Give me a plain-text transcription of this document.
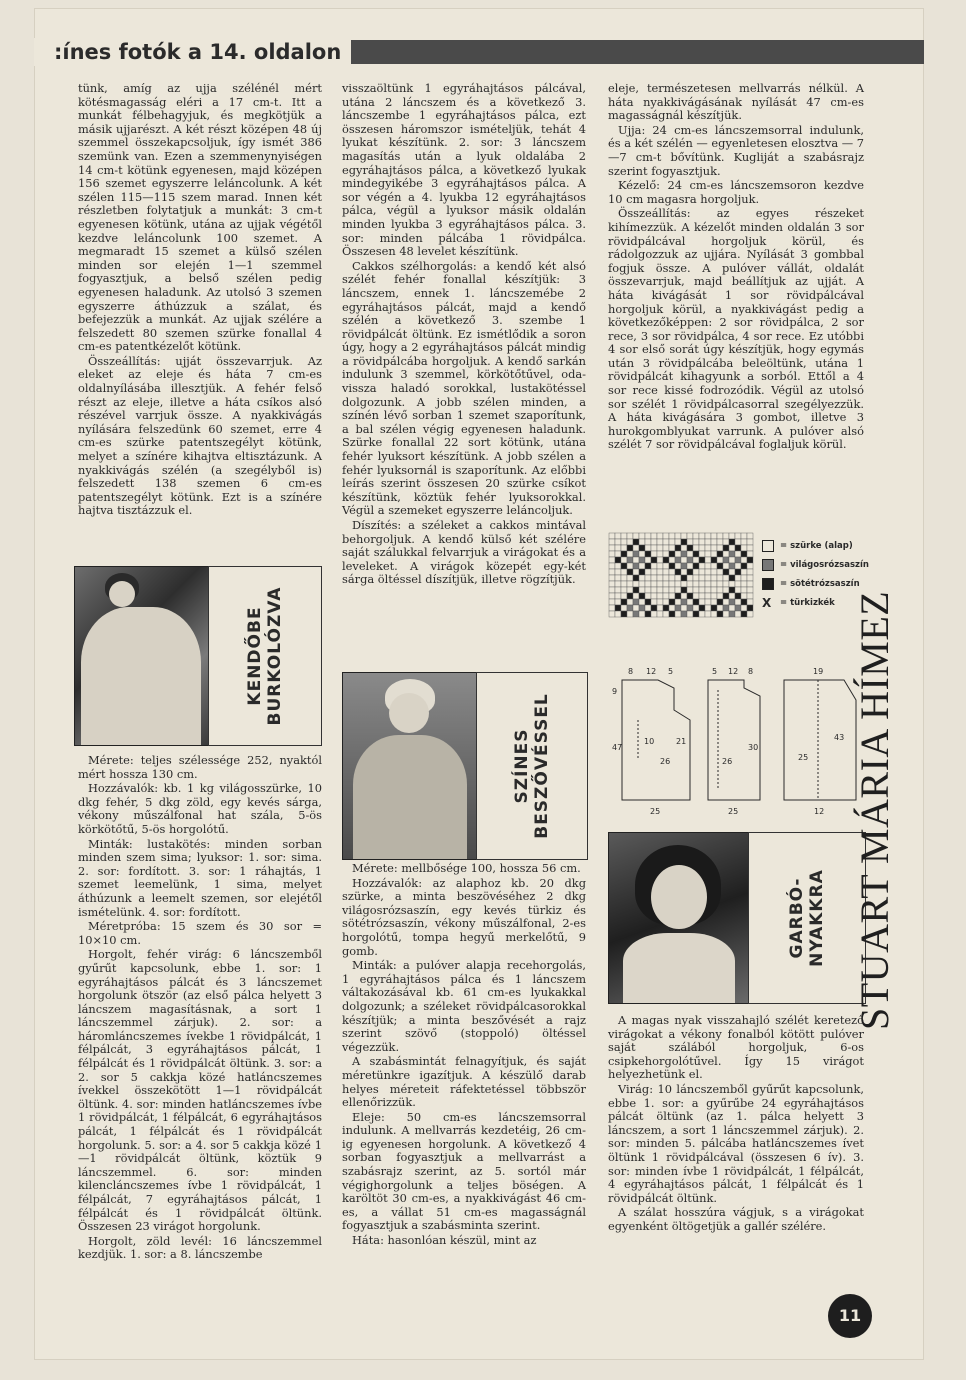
:ínes fotók a 14. oldalon

tünk, amíg az ujja szélénél mért kötésmagasság eléri a 17 cm-t. Itt a munkát félbehagyjuk, és megkötjük a másik ujjarészt. A két részt középen 48 új szemmel összekapcsoljuk, így ismét 386 szemünk van. Ezen a szemmenynyiségen 14 cm-t kötünk egyenesen, majd középen 156 szemet egyszerre leláncolunk. A két szélen 115—115 szem marad. Innen két részletben folytatjuk a munkát: 3 cm-t egyenesen kötünk, utána az ujjak végétől kezdve leláncolunk 100 szemet. A megmaradt 15 szemet a külső szélen minden sor elején 1—1 szemmel fogyasztjuk, a belső szélen pedig egyenesen haladunk. Az utolsó 3 szemen egyszerre áthúzzuk a szálat, és befejezzük a munkát. Az ujjak szélére a felszedett 80 szemen szürke fonallal 4 cm-es patentkézelőt kötünk.

Összeállítás: ujját összevarrjuk. Az eleket az eleje és háta 7 cm-es oldalnyílásába illesztjük. A fehér felső részt az eleje, illetve a háta csíkos alsó részével varrjuk össze. A nyakkivágás nyílására felszedünk 60 szemet, erre 4 cm-es szürke patentszegélyt kötünk, melyet a színére kihajtva eltisztázunk. A nyakkivágás szélén (a szegélyből is) felszedett 138 szemen 6 cm-es patentszegélyt kötünk. Ezt is a színére hajtva tisztázzuk el.

KENDŐBE
BURKOLÓZVA

Mérete: teljes szélessége 252, nyaktól mért hossza 130 cm.

Hozzávalók: kb. 1 kg világosszürke, 10 dkg fehér, 5 dkg zöld, egy kevés sárga, vékony műszálfonal hat szála, 5-ös körkötőtű, 5-ös horgolótű.

Minták: lustakötés: minden sorban minden szem sima; lyuksor: 1. sor: sima. 2. sor: fordított. 3. sor: 1 ráhajtás, 1 szemet leemelünk, 1 sima, melyet áthúzunk a leemelt szemen, sor elejétől ismételünk. 4. sor: fordított.

Méretpróba: 15 szem és 30 sor = 10×10 cm.

Horgolt, fehér virág: 6 láncszemből gyűrűt kapcsolunk, ebbe 1. sor: 1 egyráhajtásos pálcát és 3 láncszemet horgolunk ötször (az első pálca helyett 3 láncszem magasításnak, a sort 1 láncszemmel zárjuk). 2. sor: a háromláncszemes ívekbe 1 rövidpálcát, 1 félpálcát, 3 egyráhajtásos pálcát, 1 félpálcát és 1 rövidpálcát öltünk. 3. sor: a 2. sor 5 cakkja közé hatláncszemes ívekkel összekötött 1—1 rövidpálcát öltünk. 4. sor: minden hatláncszemes ívbe 1 rövidpálcát, 1 félpálcát, 6 egyráhajtásos pálcát, 1 félpálcát és 1 rövidpálcát horgolunk. 5. sor: a 4. sor 5 cakkja közé 1—1 rövidpálcát öltünk, köztük 9 láncszemmel. 6. sor: minden kilencláncszemes ívbe 1 rövidpálcát, 1 félpálcát, 7 egyráhajtásos pálcát, 1 félpálcát és 1 rövidpálcát öltünk. Összesen 23 virágot horgolunk.

Horgolt, zöld levél: 16 láncszemmel kezdjük. 1. sor: a 8. láncszembe

visszaöltünk 1 egyráhajtásos pálcával, utána 2 láncszem és a következő 3. láncszembe 1 egyráhajtásos pálca, ezt összesen háromszor ismételjük, tehát 4 lyukat készítünk. 2. sor: 3 láncszem magasítás után a lyuk oldalába 2 egyráhajtásos pálca, a következő lyukak mindegyikébe 3 egyráhajtásos pálca. A sor végén a 4. lyukba 12 egyráhajtásos pálca, végül a lyuksor másik oldalán minden lyukba 3 egyráhajtásos pálca. 3. sor: minden pálcába 1 rövidpálca. Összesen 48 levelet készítünk.

Cakkos szélhorgolás: a kendő két alsó szélét fehér fonallal készítjük: 3 láncszem, ennek 1. láncszemébe 2 egyráhajtásos pálcát, majd a kendő szélén a következő 3. szembe 1 rövidpálcát öltünk. Ez ismétlődik a soron úgy, hogy a 2 egyráhajtásos pálcát mindig a rövidpálcába horgoljuk. A kendő sarkán indulunk 3 szemmel, körkötőtűvel, oda-vissza haladó sorokkal, lustakötéssel dolgozunk. A jobb szélen minden, a színén lévő sorban 1 szemet szaporítunk, a bal szélen végig egyenesen haladunk. Szürke fonallal 22 sort kötünk, utána fehér lyuksort készítünk. A jobb szélen a fehér lyuksornál is szaporítunk. Az előbbi leírás szerint összesen 20 szürke csíkot készítünk, köztük fehér lyuksorokkal. Végül a szemeket egyszerre leláncoljuk.

Díszítés: a széleket a cakkos mintával behorgoljuk. A kendő külső két szélére saját szálukkal felvarrjuk a virágokat és a leveleket. A virágok közepét egy-két sárga öltéssel díszítjük, illetve rögzítjük.

SZÍNES
BESZŐVÉSSEL

Mérete: mellbősége 100, hossza 56 cm.

Hozzávalók: az alaphoz kb. 20 dkg szürke, a minta beszövéséhez 2 dkg világosrózsaszín, egy kevés türkiz és sötétrózsaszín, vékony műszálfonal, 2-es horgolótű, tompa hegyű merkelőtű, 9 gomb.

Minták: a pulóver alapja recehorgolás, 1 egyráhajtásos pálca és 1 láncszem váltakozásával kb. 61 cm-es lyukakkal dolgozunk; a széleket rövidpálcasorokkal készítjük; a minta beszővését a rajz szerint szövő (stoppoló) öltéssel végezzük.

A szabásmintát felnagyítjuk, és saját méretünkre igazítjuk. A készülő darab helyes méreteit ráfektetéssel többször ellenőrizzük.

Eleje: 50 cm-es láncszemsorral indulunk. A mellvarrás kezdetéig, 26 cm-ig egyenesen horgolunk. A következő 4 sorban fogyasztjuk a mellvarrást a szabásrajz szerint, az 5. sortól már végighorgolunk a teljes böségen. A karöltöt 30 cm-es, a nyakkivágást 46 cm-es, a vállat 51 cm-es magasságnál fogyasztjuk a szabásminta szerint.

Háta: hasonlóan készül, mint az

eleje, természetesen mellvarrás nélkül. A háta nyakkivágásának nyílását 47 cm-es magasságnál készítjük.

Ujja: 24 cm-es láncszemsorral indulunk, és a két szélén — egyenletesen elosztva — 7—7 cm-t bővítünk. Kugliját a szabásrajz szerint fogyasztjuk.

Kézelő: 24 cm-es láncszemsoron kezdve 10 cm magasra horgoljuk.

Összeállítás: az egyes részeket kihímezzük. A kézelőt minden oldalán 3 sor rövidpálcával horgoljuk körül, és rádolgozzuk az ujjára. Nyílását 3 gombbal fogjuk össze. A pulóver vállát, oldalát összevarrjuk, majd beállítjuk az ujját. A háta kivágását 1 sor rövidpálcával horgoljuk körül, a nyakkivágást pedig a következőképpen: 2 sor rövidpálca, 2 sor rece, 3 sor rövidpálca, 4 sor rece. Ez utóbbi 4 sor első sorát úgy készítjük, hogy egymás után 3 rövidpálcába beleöltünk, utána 1 rövidpálcát kihagyunk a sorból. Ettől a 4 sor rece kissé fodrozódik. Végül az utolsó sor szélét 1 rövidpálcasorral szegélyezzük. A háta kivágására 3 gombot, illetve 3 hurokgomblyukat varrunk. A pulóver alsó szélét 7 sor rövidpálcával foglaljuk körül.

= szürke (alap)
= világosrózsaszín
= sötétrózsaszín
X	= türkizkék
8 12 5	5 12 8	19
9
47
10
26
21
26
30
43
25
25	25	12
GARBÓ-
NYAKKRA

A magas nyak visszahajló szélét keretező virágokat a vékony fonalból kötött pulóver saját szálából horgoljuk, 6-os csipkehorgolótűvel. Így 15 virágot helyezhetünk el.

Virág: 10 láncszemből gyűrűt kapcsolunk, ebbe 1. sor: a gyűrűbe 24 egyráhajtásos pálcát öltünk (az 1. pálca helyett 3 láncszem, a sort 1 láncszemmel zárjuk). 2. sor: minden 5. pálcába hatláncszemes ívet öltünk 1 rövidpálcával (összesen 6 ív). 3. sor: minden ívbe 1 rövidpálcát, 1 félpálcát, 4 egyráhajtásos pálcát, 1 félpálcát és 1 rövidpálcát öltünk.

A szálat hosszúra vágjuk, s a virágokat egyenként öltögetjük a gallér szélére.

STUART MÁRIA HÍMEZ
11
